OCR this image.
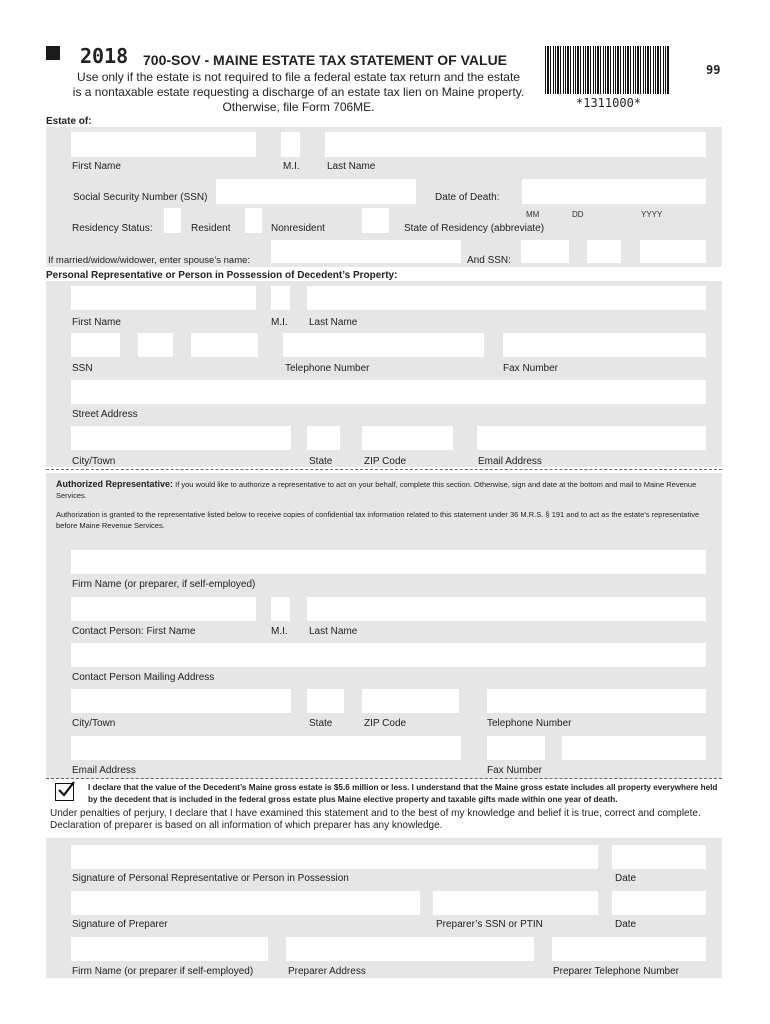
2018 700-SOV - MAINE ESTATE TAX STATEMENT OF VALUE
Use only if the estate is not required to file a federal estate tax return and the estate
is a nontaxable estate requesting a discharge of an estate tax lien on Maine property.
Otherwise, file Form 706ME.	*1311000*
99
Estate of:
First Name	M.I.	Last Name
Social Security Number (SSN)	Date of Death:
MM	DD	YYYY
Residency Status:	Resident	Nonresident	State of Residency (abbreviate)
If married/widow/widower, enter spouse’s name:	And SSN:
Personal Representative or Person in Possession of Decedent’s Property:
First Name	M.I. Last Name
SSN	Telephone Number	Fax Number
Street Address
City/Town	State	ZIP Code	Email Address
Authorized Representative: If you would like to authorize a representative to act on your behalf, complete this section. Otherwise, sign and date at the bottom and mail to Maine Revenue Services.
Authorization is granted to the representative listed below to receive copies of confidential tax information related to this statement under 36 M.R.S. § 191 and to act as the estate’s representative before Maine Revenue Services.
Firm Name (or preparer, if self-employed)
Contact Person: First Name	M.I. Last Name
Contact Person Mailing Address
City/Town	State	ZIP Code	Telephone Number
Email Address	Fax Number
I declare that the value of the Decedent’s Maine gross estate is $5.6 million or less. I understand that the Maine gross estate includes all property everywhere held by the decedent that is included in the federal gross estate plus Maine elective property and taxable gifts made within one year of death.
Under penalties of perjury, I declare that I have examined this statement and to the best of my knowledge and belief it is true, correct and complete. Declaration of preparer is based on all information of which preparer has any knowledge.
Signature of Personal Representative or Person in Possession	Date
Signature of Preparer	Preparer’s SSN or PTIN	Date
Firm Name (or preparer if self-employed)	Preparer Address	Preparer Telephone Number
